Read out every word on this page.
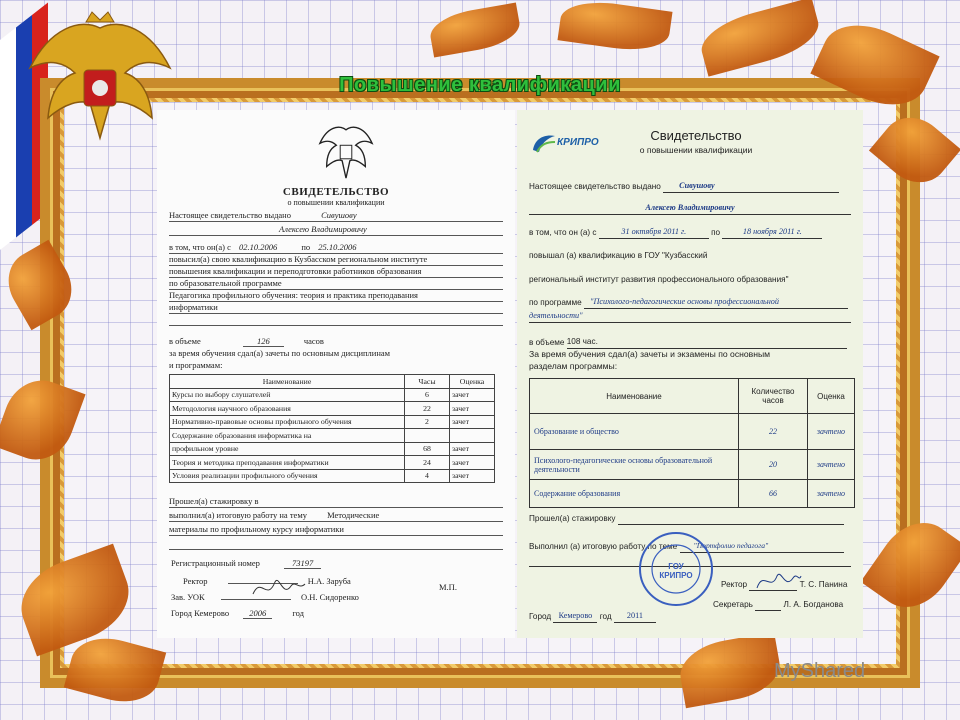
Повышение квалификации
СВИДЕТЕЛЬСТВО
о повышении квалификации
Настоящее свидетельство выдано	Сивушову
Алексею Владимировичу
в том, что он(а) с 02.10.2006	по 25.10.2006
повысил(а) свою квалификацию в Кузбасском региональном институте
повышения квалификации и переподготовки работников образования
по образовательной программе
Педагогика профильного обучения: теория и практика преподавания
информатики
в объеме	126	часов
за время обучения сдал(а) зачеты по основным дисциплинам
и программам:
Наименование	Часы	Оценка
Курсы по выбору слушателей	6	зачет
Методология научного образования	22	зачет
Нормативно-правовые основы профильного обучения	2	зачет
Содержание образования информатика на		
профильном уровне	68	зачет
Теория и методика преподавания информатики	24	зачет
Условия реализации профильного обучения	4	зачет
Прошел(а) стажировку в
выполнил(а) итоговую работу на тему Методические
материалы по профильному курсу информатики
Регистрационный номер	73197
Ректор	Н.А. Заруба
М.П.
Зав. УОК	О.Н. Сидоренко
Город Кемерово 2006	год
КРИПРО	Свидетельство
о повышении квалификации
Настоящее свидетельство выдано Сивушову
Алексею Владимировичу
в том, что он (а) с	31 октября 2011 г.	по	18 ноября 2011 г.
повышал (а) квалификацию в ГОУ "Кузбасский
региональный институт развития профессионального образования"
по программе "Психолого-педагогические основы профессиональной
деятельности"
в объеме 108 час.
За время обучения сдал(а) зачеты и экзамены по основным
разделам программы:
Наименование	Количество часов	Оценка
Образование и общество	22	зачтено
Психолого-педагогические основы образовательной деятельности	20	зачтено
Содержание образования	66	зачтено
Прошел(а) стажировку
Выполнил (а) итоговую работу по теме "Портфолио педагога"
ГОУ КРИПРО
Ректор	Т. С. Панина
Секретарь	Л. А. Богданова
Город Кемерово год 2011
MyShared
